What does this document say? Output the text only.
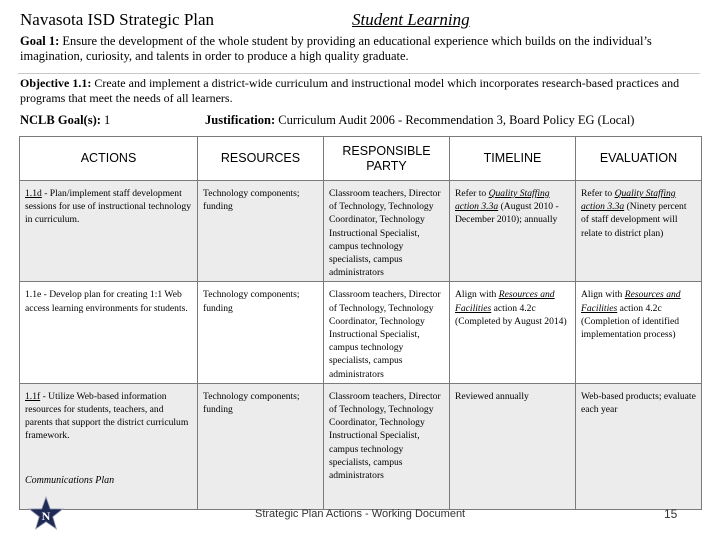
Navasota ISD Strategic Plan	Student Learning
Goal 1: Ensure the development of the whole student by providing an educational experience which builds on the individual’s imagination, curiosity, and talents in order to produce a high quality graduate.
Objective 1.1: Create and implement a district-wide curriculum and instructional model which incorporates research-based practices and programs that meet the needs of all learners.
NCLB Goal(s): 1	Justification: Curriculum Audit 2006 - Recommendation 3, Board Policy EG (Local)
ACTIONS	RESOURCES	RESPONSIBLE PARTY	TIMELINE	EVALUATION
1.1d - Plan/implement staff development sessions for use of instructional technology in curriculum.	Technology components; funding	Classroom teachers, Director of Technology, Technology Coordinator, Technology Instructional Specialist, campus technology specialists, campus administrators	Refer to Quality Staffing action 3.3a (August 2010 - December 2010); annually	Refer to Quality Staffing action 3.3a (Ninety percent of staff development will relate to district plan)
1.1e - Develop plan for creating 1:1 Web access learning environments for students.	Technology components; funding	Classroom teachers, Director of Technology, Technology Coordinator, Technology Instructional Specialist, campus technology specialists, campus administrators	Align with Resources and Facilities action 4.2c (Completed by August 2014)	Align with Resources and Facilities action 4.2c (Completion of identified implementation process)
1.1f - Utilize Web-based information resources for students, teachers, and parents that support the district curriculum framework.	Technology components; funding	Classroom teachers, Director of Technology, Technology Coordinator, Technology Instructional Specialist, campus technology specialists, campus administrators	Reviewed annually	Web-based products; evaluate each year
Communications Plan
N	Strategic Plan Actions - Working Document	15
